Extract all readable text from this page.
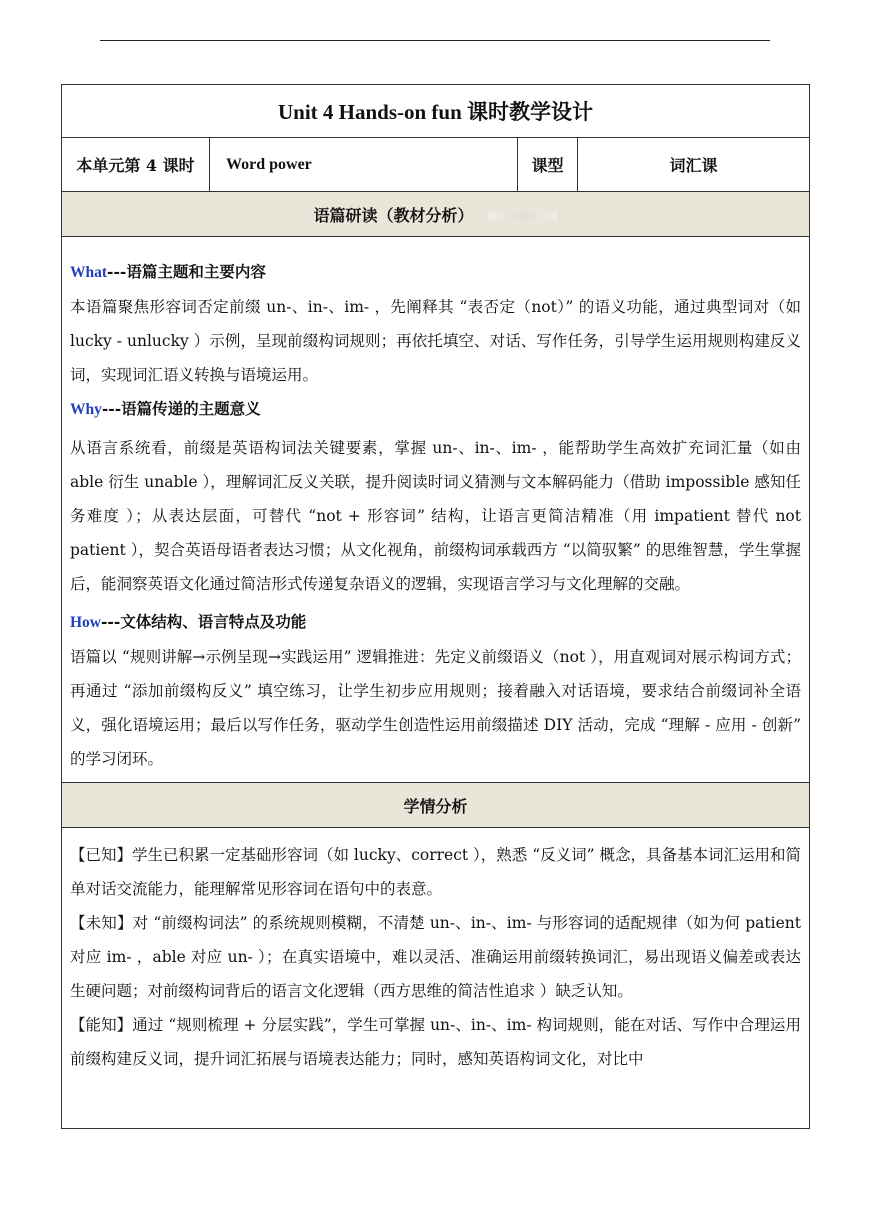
Unit 4 Hands-on fun 课时教学设计
本单元第 4 课时	Word power	课型	词汇课
语篇研读（教材分析）

What---语篇主题和主要内容

本语篇聚焦形容词否定前缀 un-、in-、im- ，先阐释其 “表否定（not）” 的语义功能，通过典型词对（如 lucky - unlucky ）示例，呈现前缀构词规则；再依托填空、对话、写作任务，引导学生运用规则构建反义词，实现词汇语义转换与语境运用。

Why---语篇传递的主题意义

从语言系统看，前缀是英语构词法关键要素，掌握 un-、in-、im- ，能帮助学生高效扩充词汇量（如由 able 衍生 unable ），理解词汇反义关联，提升阅读时词义猜测与文本解码能力（借助 impossible 感知任务难度 ）；从表达层面，可替代 “not + 形容词” 结构，让语言更简洁精准（用 impatient 替代 not patient ），契合英语母语者表达习惯；从文化视角，前缀构词承载西方 “以简驭繁” 的思维智慧，学生掌握后，能洞察英语文化通过简洁形式传递复杂语义的逻辑，实现语言学习与文化理解的交融。

How---文体结构、语言特点及功能

语篇以 “规则讲解→示例呈现→实践运用” 逻辑推进：先定义前缀语义（not ），用直观词对展示构词方式；再通过 “添加前缀构反义” 填空练习，让学生初步应用规则；接着融入对话语境，要求结合前缀词补全语义，强化语境运用；最后以写作任务，驱动学生创造性运用前缀描述 DIY 活动，完成 “理解 - 应用 - 创新” 的学习闭环。

学情分析

【已知】学生已积累一定基础形容词（如 lucky、correct ），熟悉 “反义词” 概念，具备基本词汇运用和简单对话交流能力，能理解常见形容词在语句中的表意。

【未知】对 “前缀构词法” 的系统规则模糊，不清楚 un-、in-、im- 与形容词的适配规律（如为何 patient 对应 im- ，able 对应 un- ）；在真实语境中，难以灵活、准确运用前缀转换词汇，易出现语义偏差或表达生硬问题；对前缀构词背后的语言文化逻辑（西方思维的简洁性追求 ）缺乏认知。

【能知】通过 “规则梳理 + 分层实践”，学生可掌握 un-、in-、im- 构词规则，能在对话、写作中合理运用前缀构建反义词，提升词汇拓展与语境表达能力；同时，感知英语构词文化，对比中
